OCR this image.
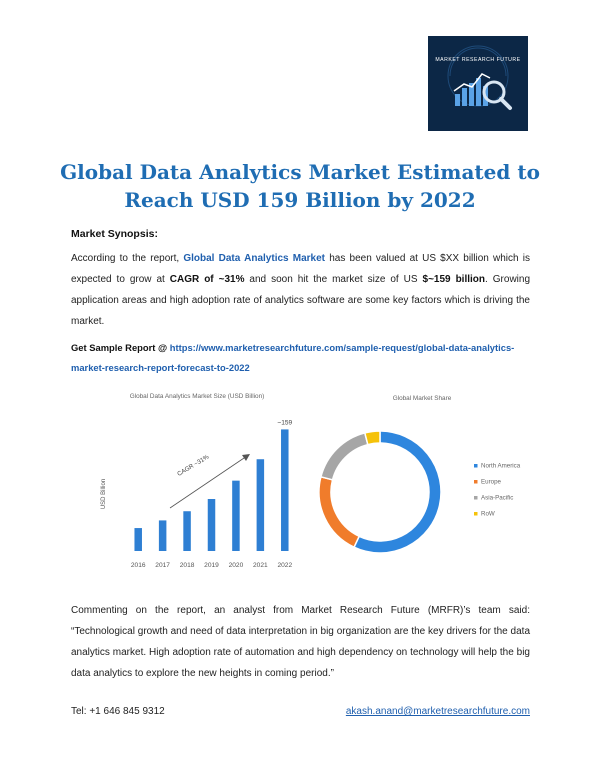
MARKET RESEARCH FUTURE
Global Data Analytics Market Estimated to Reach USD 159 Billion by 2022
Market Synopsis:
According to the report, Global Data Analytics Market has been valued at US $XX billion which is expected to grow at CAGR of ~31% and soon hit the market size of US $~159 billion. Growing application areas and high adoption rate of analytics software are some key factors which is driving the market.
Get Sample Report @ https://www.marketresearchfuture.com/sample-request/global-data-analytics-market-research-report-forecast-to-2022
Global Data Analytics Market Size (USD Billion)
USD Billion
CAGR ~31%
2016 2017 2018 2019 2020 2021 2022
~159
Global Market Share
North America
Europe
Asia-Pacific
RoW
Commenting on the report, an analyst from Market Research Future (MRFR)’s team said: “Technological growth and need of data interpretation in big organization are the key drivers for the data analytics market. High adoption rate of automation and high dependency on technology will help the big data analytics to explore the new heights in coming period.”
Tel: +1 646 845 9312	akash.anand@marketresearchfuture.com
